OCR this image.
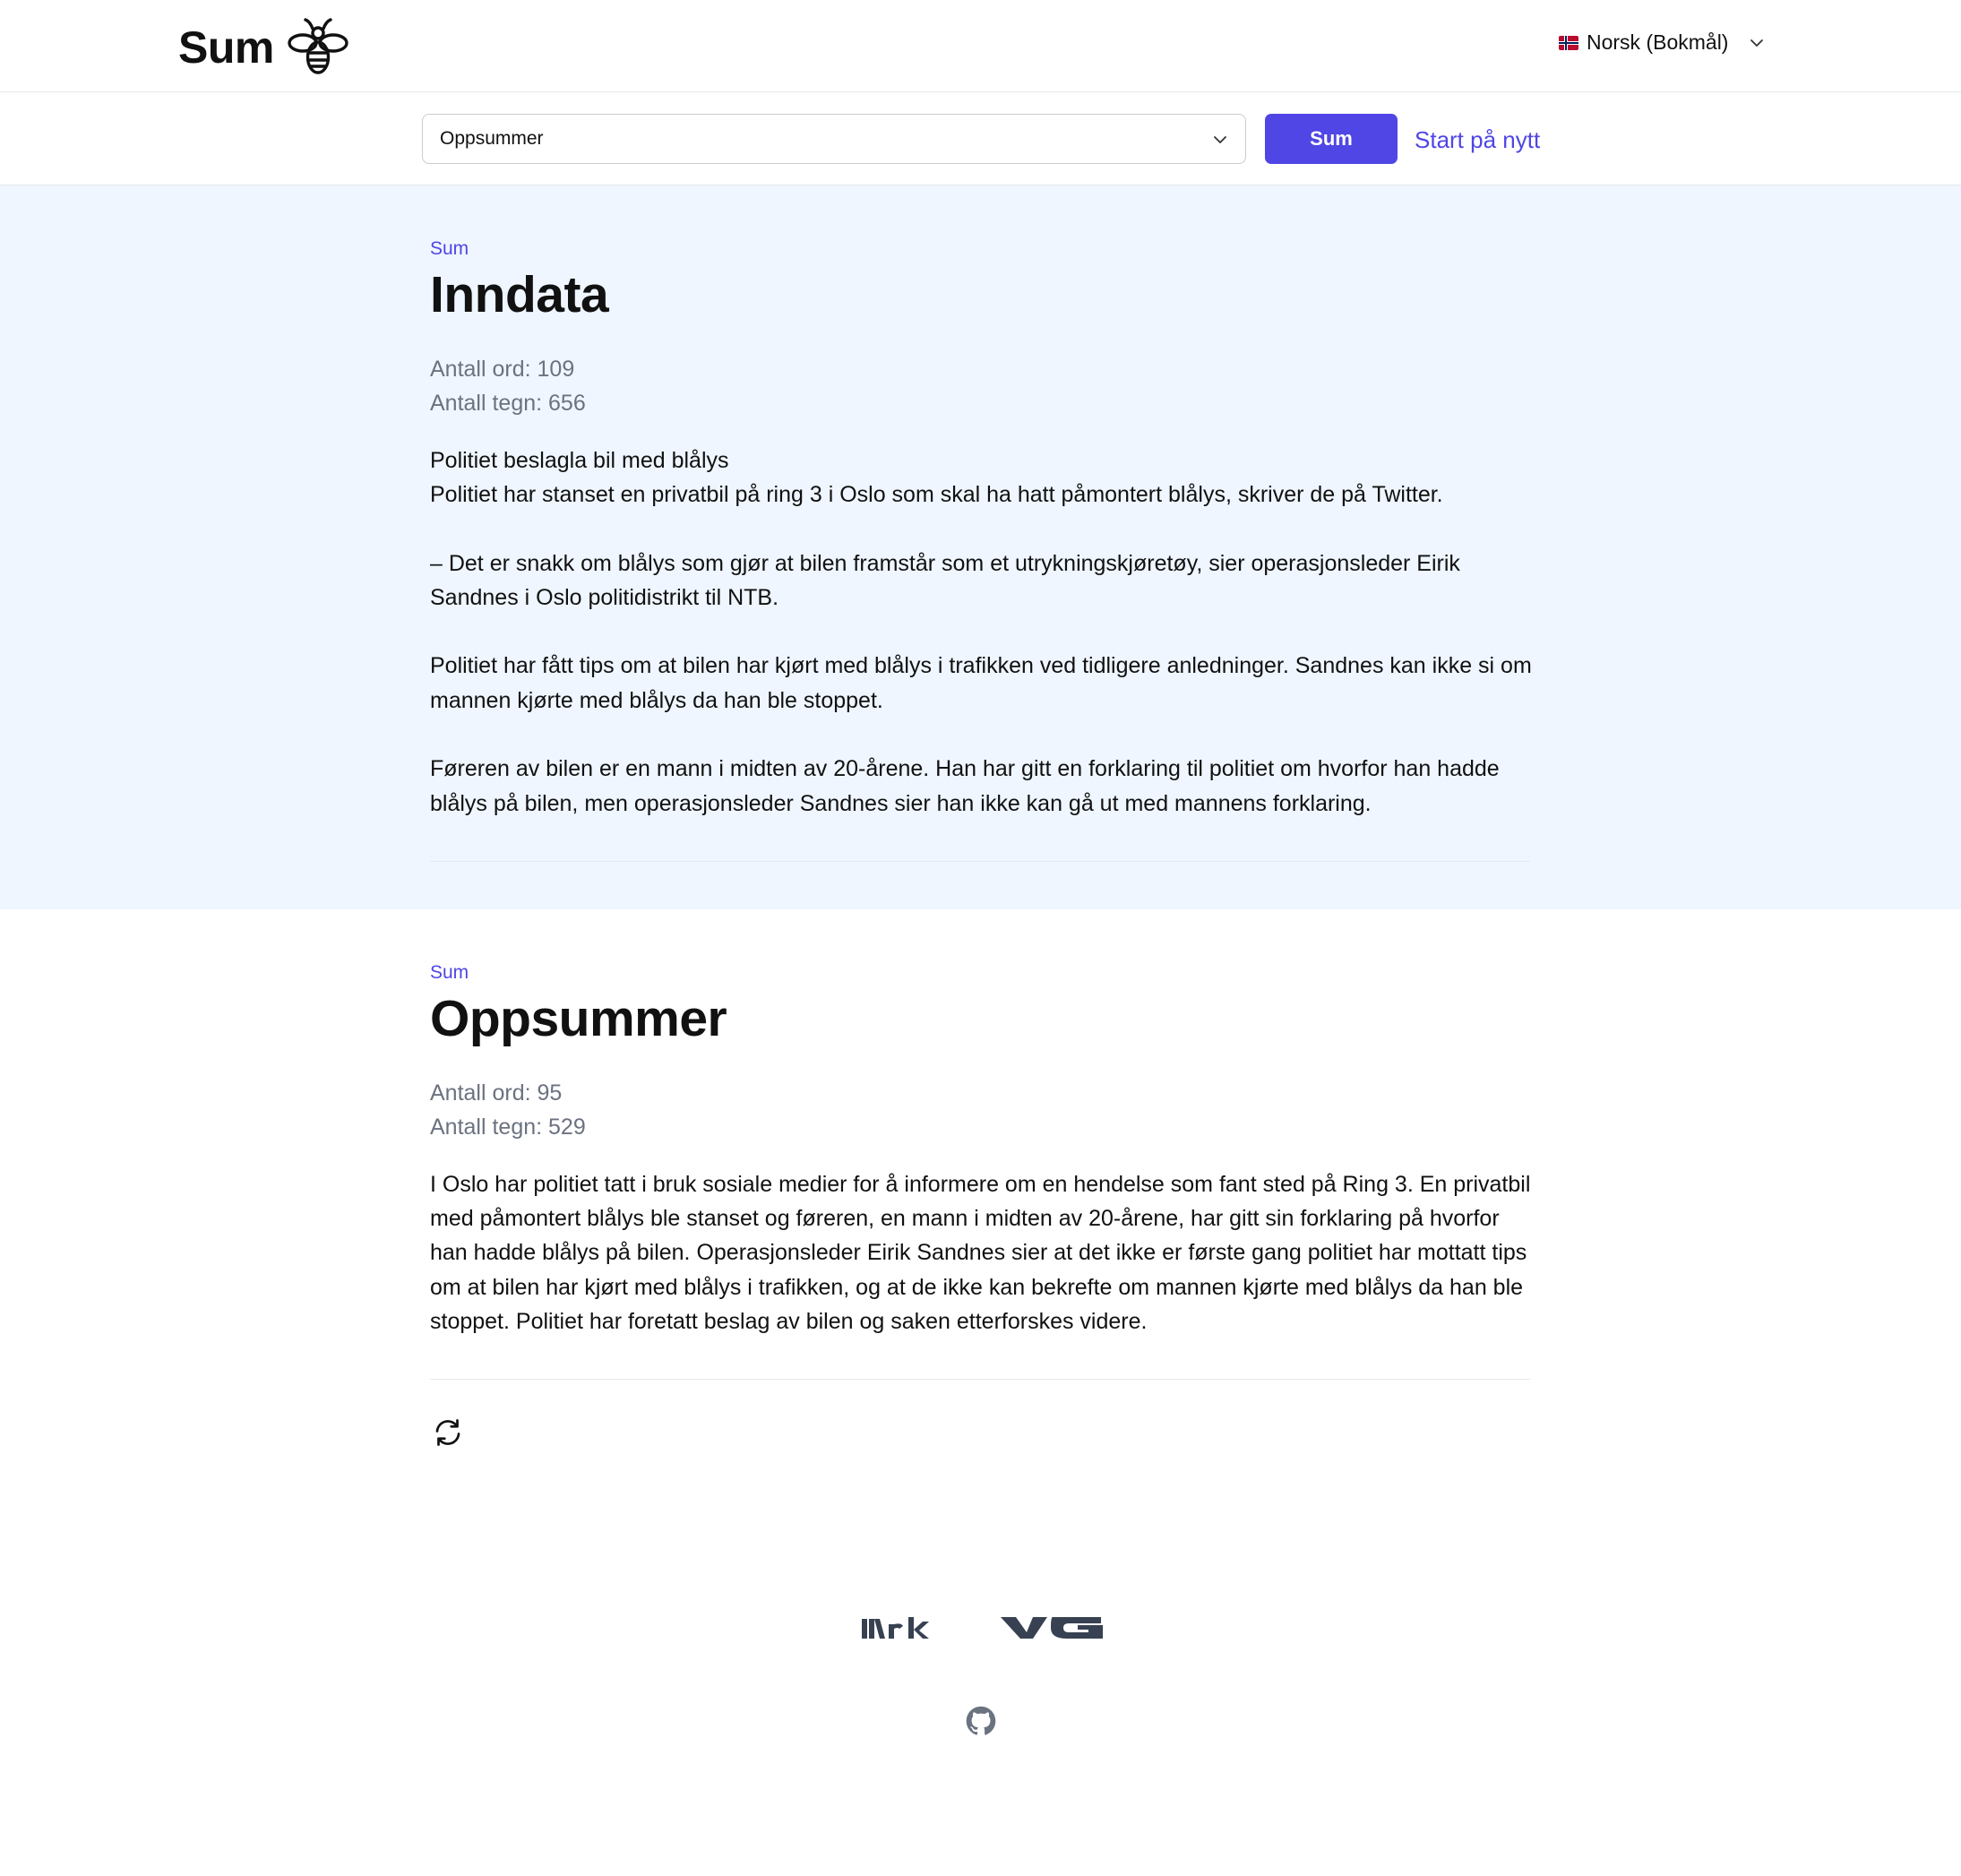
Sum	Norsk (Bokmål)
Oppsummer	Sum	Start på nytt
Sum
Inndata
Antall ord: 109
Antall tegn: 656
Politiet beslagla bil med blålys
Politiet har stanset en privatbil på ring 3 i Oslo som skal ha hatt påmontert blålys, skriver de på Twitter.

– Det er snakk om blålys som gjør at bilen framstår som et utrykningskjøretøy, sier operasjonsleder Eirik Sandnes i Oslo politidistrikt til NTB.

Politiet har fått tips om at bilen har kjørt med blålys i trafikken ved tidligere anledninger. Sandnes kan ikke si om mannen kjørte med blålys da han ble stoppet.

Føreren av bilen er en mann i midten av 20-årene. Han har gitt en forklaring til politiet om hvorfor han hadde blålys på bilen, men operasjonsleder Sandnes sier han ikke kan gå ut med mannens forklaring.
Sum
Oppsummer
Antall ord: 95
Antall tegn: 529
I Oslo har politiet tatt i bruk sosiale medier for å informere om en hendelse som fant sted på Ring 3. En privatbil med påmontert blålys ble stanset og føreren, en mann i midten av 20-årene, har gitt sin forklaring på hvorfor han hadde blålys på bilen. Operasjonsleder Eirik Sandnes sier at det ikke er første gang politiet har mottatt tips om at bilen har kjørt med blålys i trafikken, og at de ikke kan bekrefte om mannen kjørte med blålys da han ble stoppet. Politiet har foretatt beslag av bilen og saken etterforskes videre.
